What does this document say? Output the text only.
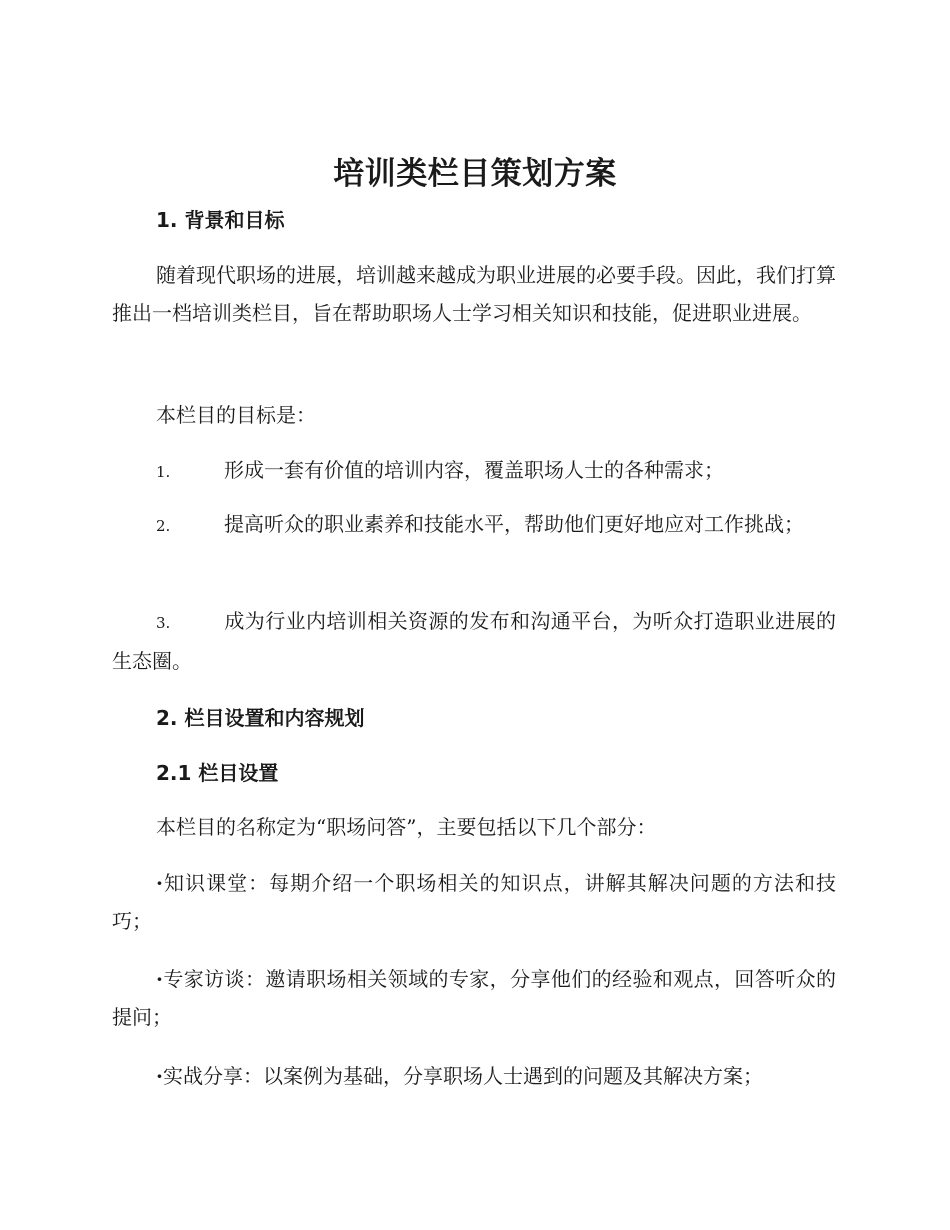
培训类栏目策划方案
1. 背景和目标
随着现代职场的进展，培训越来越成为职业进展的必要手段。因此，我们打算推出一档培训类栏目，旨在帮助职场人士学习相关知识和技能，促进职业进展。
本栏目的目标是：
1.	形成一套有价值的培训内容，覆盖职场人士的各种需求；
2.	提高听众的职业素养和技能水平，帮助他们更好地应对工作挑战；
3.	成为行业内培训相关资源的发布和沟通平台，为听众打造职业进展的生态圈。
2. 栏目设置和内容规划
2.1 栏目设置
本栏目的名称定为“职场问答”，主要包括以下几个部分：
·知识课堂：每期介绍一个职场相关的知识点，讲解其解决问题的方法和技巧；
·专家访谈：邀请职场相关领域的专家，分享他们的经验和观点，回答听众的提问；
·实战分享：以案例为基础，分享职场人士遇到的问题及其解决方案；
